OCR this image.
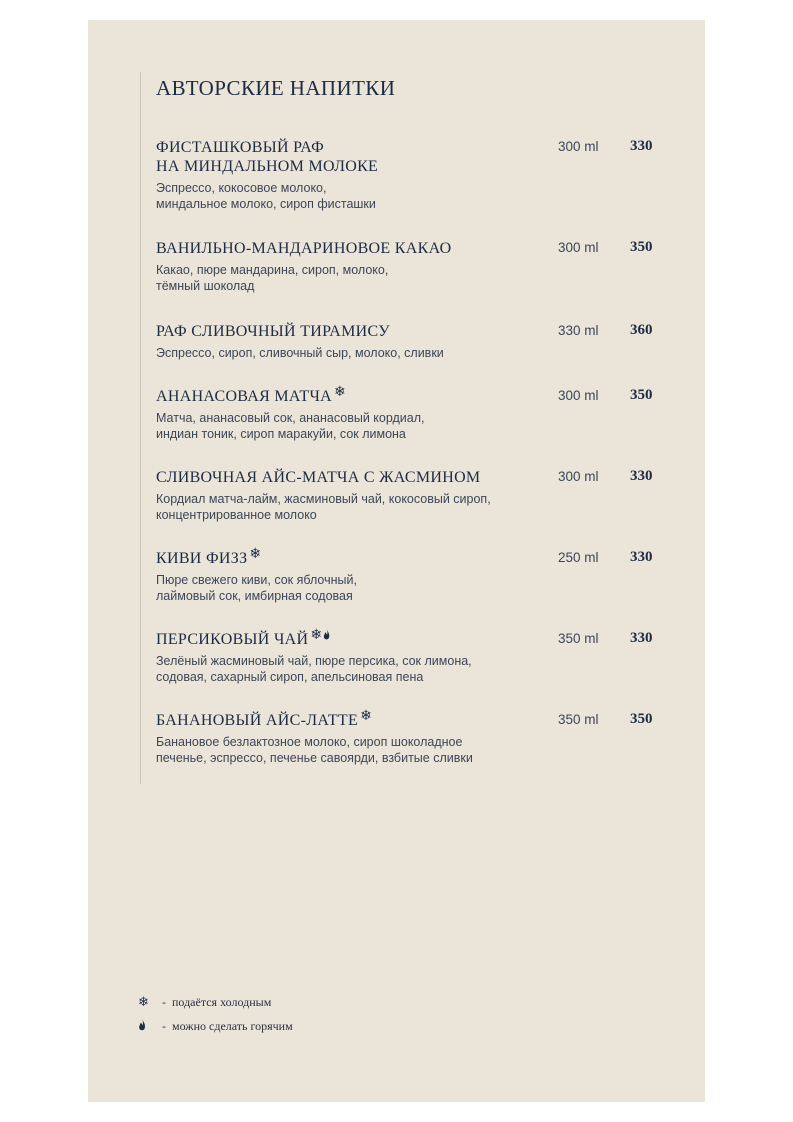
АВТОРСКИЕ НАПИТКИ
ФИСТАШКОВЫЙ РАФ
НА МИНДАЛЬНОМ МОЛОКЕ
Эспрессо, кокосовое молоко,
миндальное молоко, сироп фисташки
300 ml 330
ВАНИЛЬНО-МАНДАРИНОВОЕ КАКАО
Какао, пюре мандарина, сироп, молоко,
тёмный шоколад
300 ml 350
РАФ СЛИВОЧНЫЙ ТИРАМИСУ
Эспрессо, сироп, сливочный сыр, молоко, сливки
330 ml 360
АНАНАСОВАЯ МАТЧА ❄
Матча, ананасовый сок, ананасовый кордиал,
индиан тоник, сироп маракуйи, сок лимона
300 ml 350
СЛИВОЧНАЯ АЙС-МАТЧА С ЖАСМИНОМ
Кордиал матча-лайм, жасминовый чай, кокосовый сироп,
концентрированное молоко
300 ml 330
КИВИ ФИЗЗ ❄
Пюре свежего киви, сок яблочный,
лаймовый сок, имбирная содовая
250 ml 330
ПЕРСИКОВЫЙ ЧАЙ ❄
Зелёный жасминовый чай, пюре персика, сок лимона,
содовая, сахарный сироп, апельсиновая пена
350 ml 330
БАНАНОВЫЙ АЙС-ЛАТТЕ ❄
Банановое безлактозное молоко, сироп шоколадное
печенье, эспрессо, печенье савоярди, взбитые сливки
350 ml 350
❄ - подаётся холодным
- можно сделать горячим
